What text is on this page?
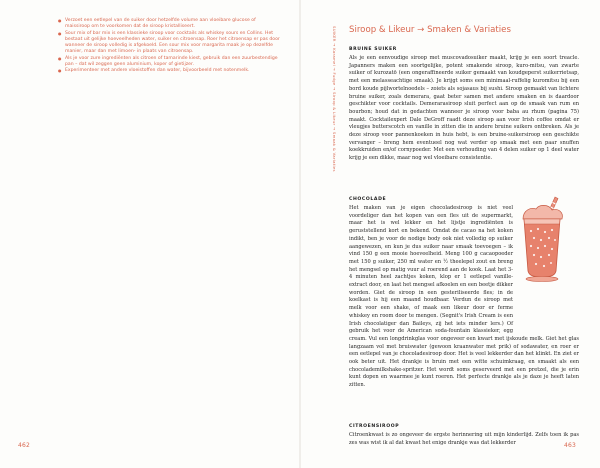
● Verzoet een eetlepel van de suiker door hetzelfde volume aan vloeibare glucose of maissiroop om te voorkomen dat de siroop kristalliseert.
● Sour mix of bar mix is een klassieke siroop voor cocktails als whiskey sours en Collins. Het bestaat uit gelijke hoeveelheden water, suiker en citroensap. Roer het citroensap er pas door wanneer de siroop volledig is afgekoeld. Een sour mix voor margarita maak je op dezelfde manier, maar dan met limoen- in plaats van citroensap.
● Als je voor zure ingrediënten als citroen of tamarinde kiest, gebruik dan een zuurbestendige pan – dat wil zeggen geen aluminium, koper of gietijzer.
● Experimenteer met andere vloeistoffen dan water, bijvoorbeeld met notenmelk.
462
SUIKER → Karamel → Fudge → Siroop & Likeur → Smaak & Variaties Siroop & Likeur → Smaken & Variaties
BRUINE SUIKER

Als je een eenvoudige siroop met muscovadosuiker maakt, krijg je een soort treacle. Japanners maken een soortgelijke, potent smakende siroop, kuro-mitsu, van zwarte suiker of kurozatō (een ongeraffineerde suiker gemaakt van koudgeperst suikerrietsap, met een melasseachtige smaak). Je krijgt soms een minimaal-ruffelig kuromitsu bij een bord koude pijlwortelnoedels – zoiets als sojasaus bij sushi. Siroop gemaakt van lichtere bruine suiker, zoals demerara, gaat beter samen met andere smaken en is daardoor geschikter voor cocktails. Demerarasiroop sluit perfect aan op de smaak van rum en bourbon; houd dat in gedachten wanneer je siroop voor baba au rhum (pagina 75) maakt. Cocktailexpert Dale DeGroff raadt deze siroop aan voor Irish coffee omdat er vleugjes butterscotch en vanille in zitten die in andere bruine suikers ontbreken. Als je deze siroop voor pannenkoeken in huis hebt, is een bruine-suikersiroop een geschikte vervanger – breng hem eventueel nog wat verder op smaak met een paar snuffen koekkruiden en/of cornypoeder. Met een verhouding van 4 delen suiker op 1 deel water krijg je een dikke, maar nog wel vloeibare consistentie.

CHOCOLADE
Het maken van je eigen chocoladesiroop is niet veel voordeliger dan het kopen van een fles uit de supermarkt, maar het is wel lekker en het lijstje ingrediënten is geruststellend kort en bekend. Omdat de cacao na het koken indikt, ben je voor de nodige body ook niet volledig op suiker aangewezen, en kun je dus suiker naar smaak toevoegen – ik vind 150 g een mooie hoeveelheid. Meng 100 g cacaopoeder met 150 g suiker, 250 ml water en ½ theelepel zout en breng het mengsel op matig vuur al roerend aan de kook. Laat het 3-4 minuten heel zachtjes koken, klop er 1 eetlepel vanille-extract door, en laat het mengsel afkoelen en een beetje dikker worden. Giet de siroop in een gesteriliseerde fles; in de koelkast is hij een maand houdbaar. Verdun de siroop met melk voor een shake, of maak een likeur door er ferme whiskey en room door te mengen. (Segnit's Irish Cream is een Irish chocolatiger dan Baileys, zij het iets minder lers.) Of gebruik het voor de American soda-fountain klassieker, egg cream. Vul een longdrinkglas voor ongeveer een kwart met ijskoude melk. Giet het glas langzaam vol met bruiswater (gewoon kraanwater met prik) of sodawater, en roer er een eetlepel van je chocoladesiroop door. Het is veel lekkerder dan het klinkt. En ziet er ook beter uit. Het drankje is bruin met een witte schuimkraag, en smaakt als een chocolademilkshake-spritzer. Het wordt soms geserveerd met een pretzel, die je erin kunt dopen en waarmee je kunt roeren. Het perfecte drankje als je daze je heeft laten zitten.
CITROENSIROOP

Citroenkwast is zo ongeveer de ergste herinnering uit mijn kinderlijd. Zelfs toen ik pas zes was wist ik al dat kwast het enige drankje was dat lekkerder	463
